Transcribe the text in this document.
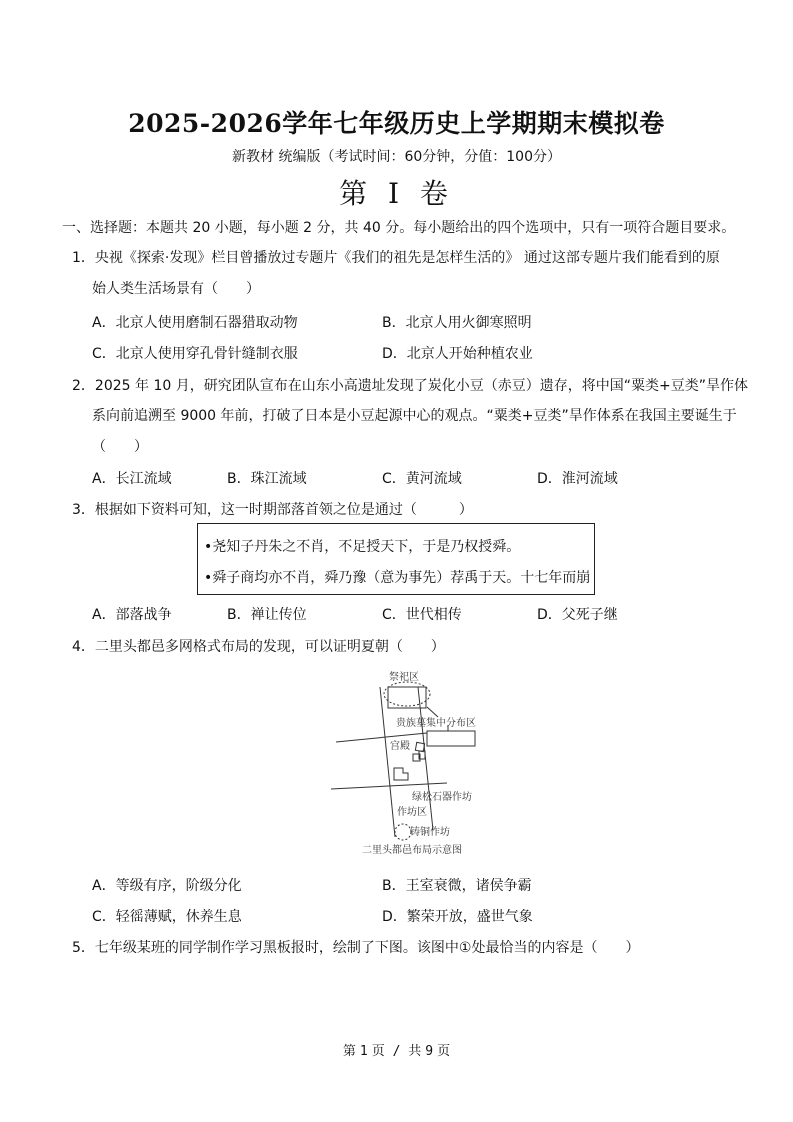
2025-2026学年七年级历史上学期期末模拟卷
新教材 统编版（考试时间：60分钟，分值：100分）
第 Ⅰ 卷
一、选择题：本题共 20 小题，每小题 2 分，共 40 分。每小题给出的四个选项中，只有一项符合题目要求。
1．央视《探索·发现》栏目曾播放过专题片《我们的祖先是怎样生活的》 通过这部专题片我们能看到的原
始人类生活场景有（　　）
A．北京人使用磨制石器猎取动物	B．北京人用火御寒照明
C．北京人使用穿孔骨针缝制衣服	D．北京人开始种植农业
2．2025 年 10 月，研究团队宣布在山东小高遗址发现了炭化小豆（赤豆）遗存，将中国“粟类+豆类”旱作体
系向前追溯至 9000 年前，打破了日本是小豆起源中心的观点。“粟类+豆类”旱作体系在我国主要诞生于
（　　）
A．长江流域	B．珠江流域	C．黄河流域	D．淮河流域
3．根据如下资料可知，这一时期部落首领之位是通过（　　　）
•尧知子丹朱之不肖，不足授天下，于是乃权授舜。
•舜子商均亦不肖，舜乃豫（意为事先）荐禹于天。十七年而崩
A．部落战争	B．禅让传位	C．世代相传	D．父死子继
4．二里头都邑多网格式布局的发现，可以证明夏朝（　　）
祭祀区
贵族墓集中分布区
宫殿
绿松石器作坊
作坊区
铸铜作坊
二里头都邑布局示意图
A．等级有序，阶级分化	B．王室衰微，诸侯争霸
C．轻徭薄赋，休养生息	D．繁荣开放，盛世气象
5．七年级某班的同学制作学习黑板报时，绘制了下图。该图中①处最恰当的内容是（　　）
第 1 页 / 共 9 页
